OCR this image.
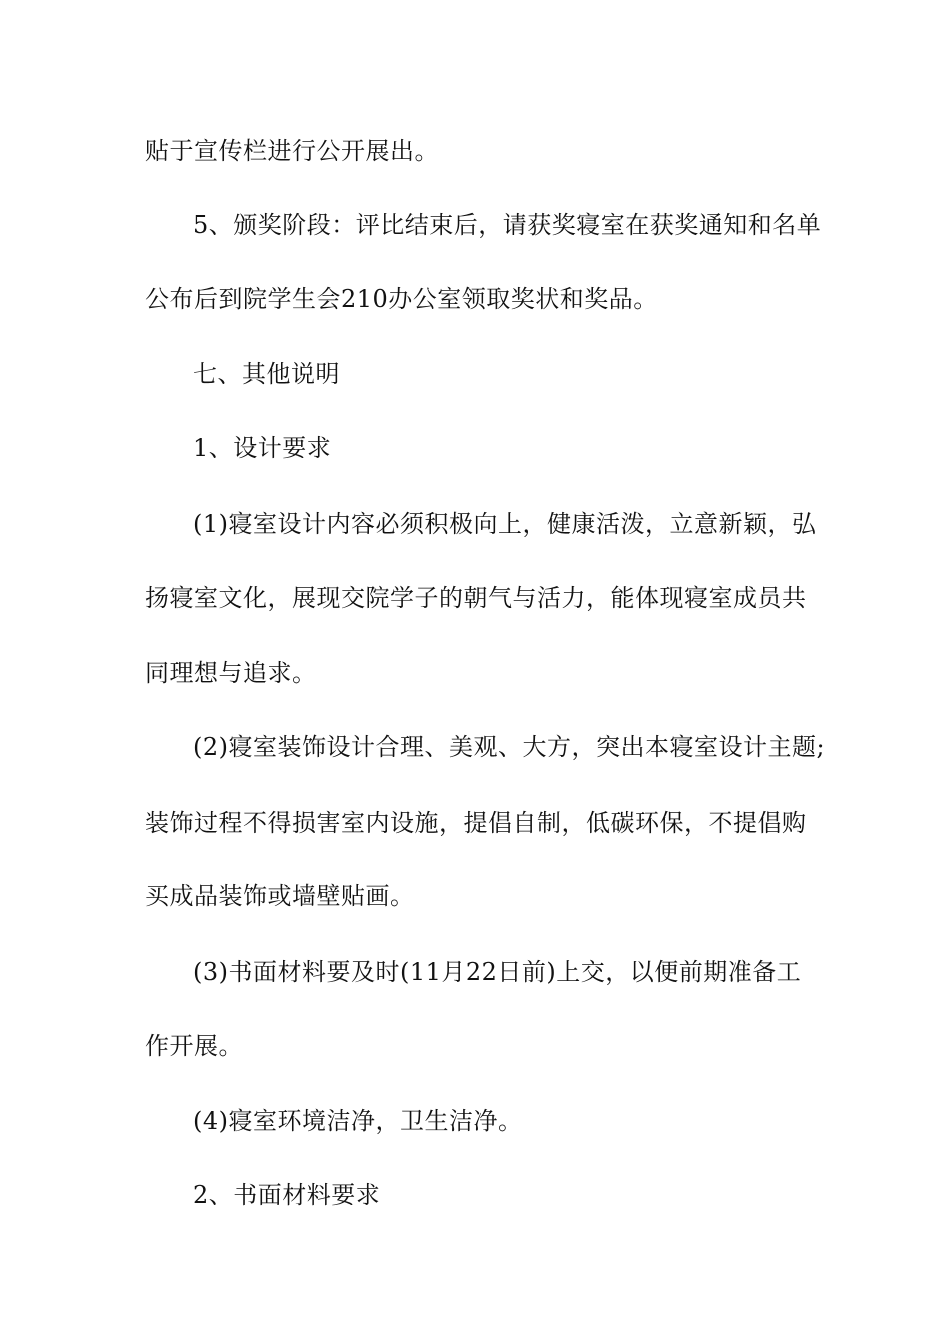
贴于宣传栏进行公开展出。
5、颁奖阶段：评比结束后，请获奖寝室在获奖通知和名单
公布后到院学生会210办公室领取奖状和奖品。
七、其他说明
1、设计要求
(1)寝室设计内容必须积极向上，健康活泼，立意新颖，弘
扬寝室文化，展现交院学子的朝气与活力，能体现寝室成员共
同理想与追求。
(2)寝室装饰设计合理、美观、大方，突出本寝室设计主题;
装饰过程不得损害室内设施，提倡自制，低碳环保，不提倡购
买成品装饰或墙壁贴画。
(3)书面材料要及时(11月22日前)上交，以便前期准备工
作开展。
(4)寝室环境洁净，卫生洁净。
2、书面材料要求
